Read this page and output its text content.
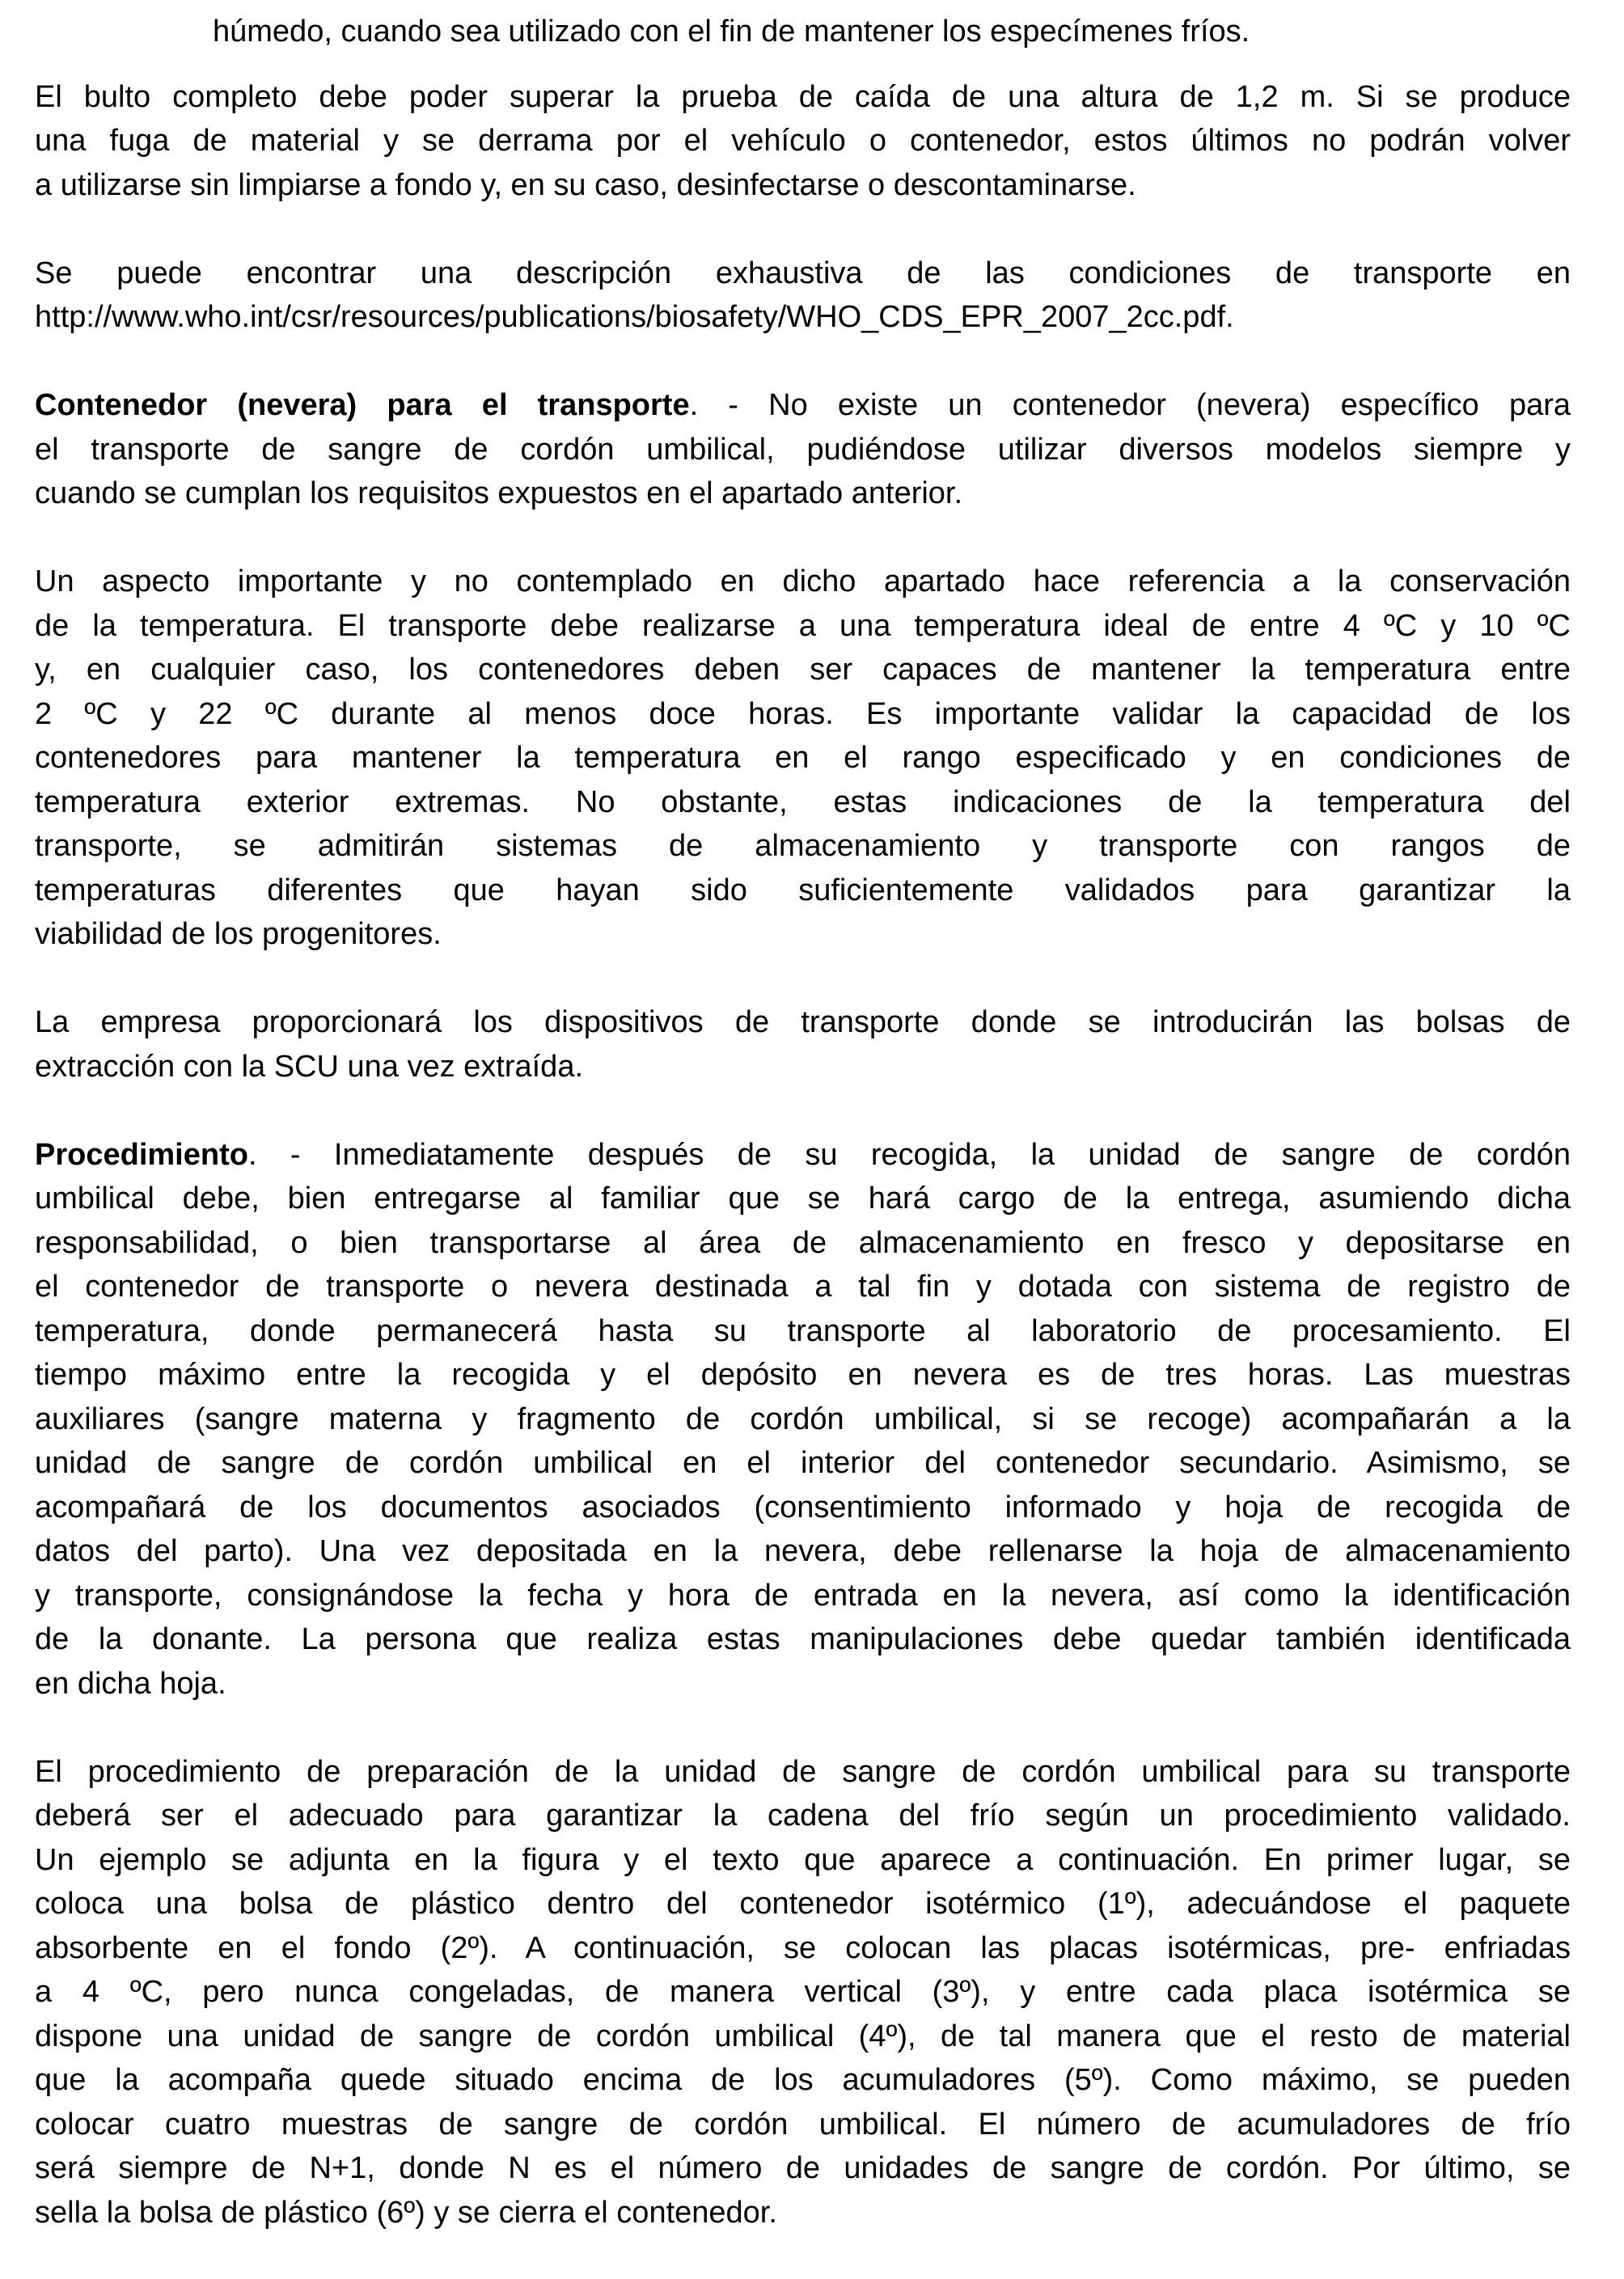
húmedo, cuando sea utilizado con el fin de mantener los especímenes fríos.
El bulto completo debe poder superar la prueba de caída de una altura de 1,2 m. Si se produce
una fuga de material y se derrama por el vehículo o contenedor, estos últimos no podrán volver
a utilizarse sin limpiarse a fondo y, en su caso, desinfectarse o descontaminarse.
Se puede encontrar una descripción exhaustiva de las condiciones de transporte en
http://www.who.int/csr/resources/publications/biosafety/WHO_CDS_EPR_2007_2cc.pdf.
Contenedor (nevera) para el transporte. - No existe un contenedor (nevera) específico para
el transporte de sangre de cordón umbilical, pudiéndose utilizar diversos modelos siempre y
cuando se cumplan los requisitos expuestos en el apartado anterior.
Un aspecto importante y no contemplado en dicho apartado hace referencia a la conservación
de la temperatura. El transporte debe realizarse a una temperatura ideal de entre 4 ºC y 10 ºC
y, en cualquier caso, los contenedores deben ser capaces de mantener la temperatura entre
2 ºC y 22 ºC durante al menos doce horas. Es importante validar la capacidad de los
contenedores para mantener la temperatura en el rango especificado y en condiciones de
temperatura exterior extremas. No obstante, estas indicaciones de la temperatura del
transporte, se admitirán sistemas de almacenamiento y transporte con rangos de
temperaturas diferentes que hayan sido suficientemente validados para garantizar la
viabilidad de los progenitores.
La empresa proporcionará los dispositivos de transporte donde se introducirán las bolsas de
extracción con la SCU una vez extraída.
Procedimiento. - Inmediatamente después de su recogida, la unidad de sangre de cordón
umbilical debe, bien entregarse al familiar que se hará cargo de la entrega, asumiendo dicha
responsabilidad, o bien transportarse al área de almacenamiento en fresco y depositarse en
el contenedor de transporte o nevera destinada a tal fin y dotada con sistema de registro de
temperatura, donde permanecerá hasta su transporte al laboratorio de procesamiento. El
tiempo máximo entre la recogida y el depósito en nevera es de tres horas. Las muestras
auxiliares (sangre materna y fragmento de cordón umbilical, si se recoge) acompañarán a la
unidad de sangre de cordón umbilical en el interior del contenedor secundario. Asimismo, se
acompañará de los documentos asociados (consentimiento informado y hoja de recogida de
datos del parto). Una vez depositada en la nevera, debe rellenarse la hoja de almacenamiento
y transporte, consignándose la fecha y hora de entrada en la nevera, así como la identificación
de la donante. La persona que realiza estas manipulaciones debe quedar también identificada
en dicha hoja.
El procedimiento de preparación de la unidad de sangre de cordón umbilical para su transporte
deberá ser el adecuado para garantizar la cadena del frío según un procedimiento validado.
Un ejemplo se adjunta en la figura y el texto que aparece a continuación. En primer lugar, se
coloca una bolsa de plástico dentro del contenedor isotérmico (1º), adecuándose el paquete
absorbente en el fondo (2º). A continuación, se colocan las placas isotérmicas, pre- enfriadas
a 4 ºC, pero nunca congeladas, de manera vertical (3º), y entre cada placa isotérmica se
dispone una unidad de sangre de cordón umbilical (4º), de tal manera que el resto de material
que la acompaña quede situado encima de los acumuladores (5º). Como máximo, se pueden
colocar cuatro muestras de sangre de cordón umbilical. El número de acumuladores de frío
será siempre de N+1, donde N es el número de unidades de sangre de cordón. Por último, se
sella la bolsa de plástico (6º) y se cierra el contenedor.
